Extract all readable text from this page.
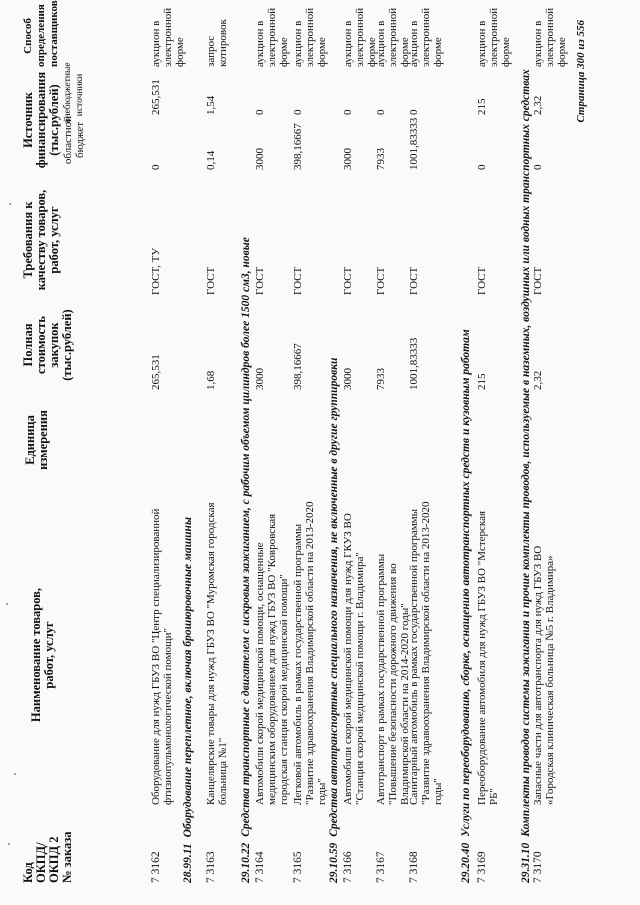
Код
ОКПД/
ОКПД 2
№ заказа
Наименование товаров,
работ, услуг
Единица
измерения
Полная
стоимость
закупок
(тыс.рублей)
Требования к
качеству товаров,
работ, услуг
Источник
финансирования
(тыс.рублей) областной
бюджет
внебюджетные
источники
7 3162
Оборудование для нужд ГБУЗ ВО "Центр специализированной фтизиопульмонологической помощи"
265,531
ГОСТ, ТУ
0
265,531
28.99.11Оборудование переплетное, включая брошюровочные машины
7 3163
Канцелярские товары для нужд ГБУЗ ВО "Муромская городская больница №1"
1,68
ГОСТ
0,14
1,54
29.10.22Средства транспортные с двигателем с искровым зажиганием, с рабочим объемом цилиндров более 1500 см3, новые
7 3164
Автомобили скорой медицинской помощи, оснащенные медицинским оборудованием для нужд ГБУЗ ВО "Ковровская городская станция скорой медицинской помощи"
3000
ГОСТ
3000
0
7 3165
Легковой автомобиль в рамках государственной программы "Развитие здравоохранения Владимирской области на 2013-2020 годы"
398,16667
ГОСТ
398,16667
0
29.10.59Средства автотранспортные специального назначения, не включенные в другие группировки
7 3166
Автомобили скорой медицинской помощи для нужд ГКУЗ ВО "Станция скорой медицинской помощи г. Владимира"
3000
ГОСТ
3000
0
7 3167
Автотранспорт в рамках государственной программы "Повышение безопасности дорожного движения во Владимирской области на 2014-2020 годы"
7933
ГОСТ
7933
0
7 3168
Санитарный автомобиль в рамках государственной программы "Развитие здравоохранения Владимирской области на 2013-2020 годы"
1001,83333
ГОСТ
1001,83333
0
29.20.40Услуги по переоборудованию, сборке, оснащению автотранспортных средств и кузовным работам
7 3169
Переоборудование автомобиля для нужд ГБУЗ ВО "Мстерская РБ"
215
ГОСТ
0
215
29.31.10Комплекты проводов системы зажигания и прочие комплекты проводов, используемые в наземных, воздушных или водных транспортных средствах
7 3170
Запасные части для автотранспорта для нужд ГБУЗ ВО «Городская клиническая больница №5 г. Владимира»
2,32
ГОСТ
0
2,32
аукцион в электронной форме запрос котировок аукцион в электронной форме аукцион в электронной форме аукцион в электронной форме
аукцион в электронной форме
аукцион в электронной форме	аукцион в электронной форме аукцион в электронной форме Страница 300 из 556
Способ
определения
поставщиков
